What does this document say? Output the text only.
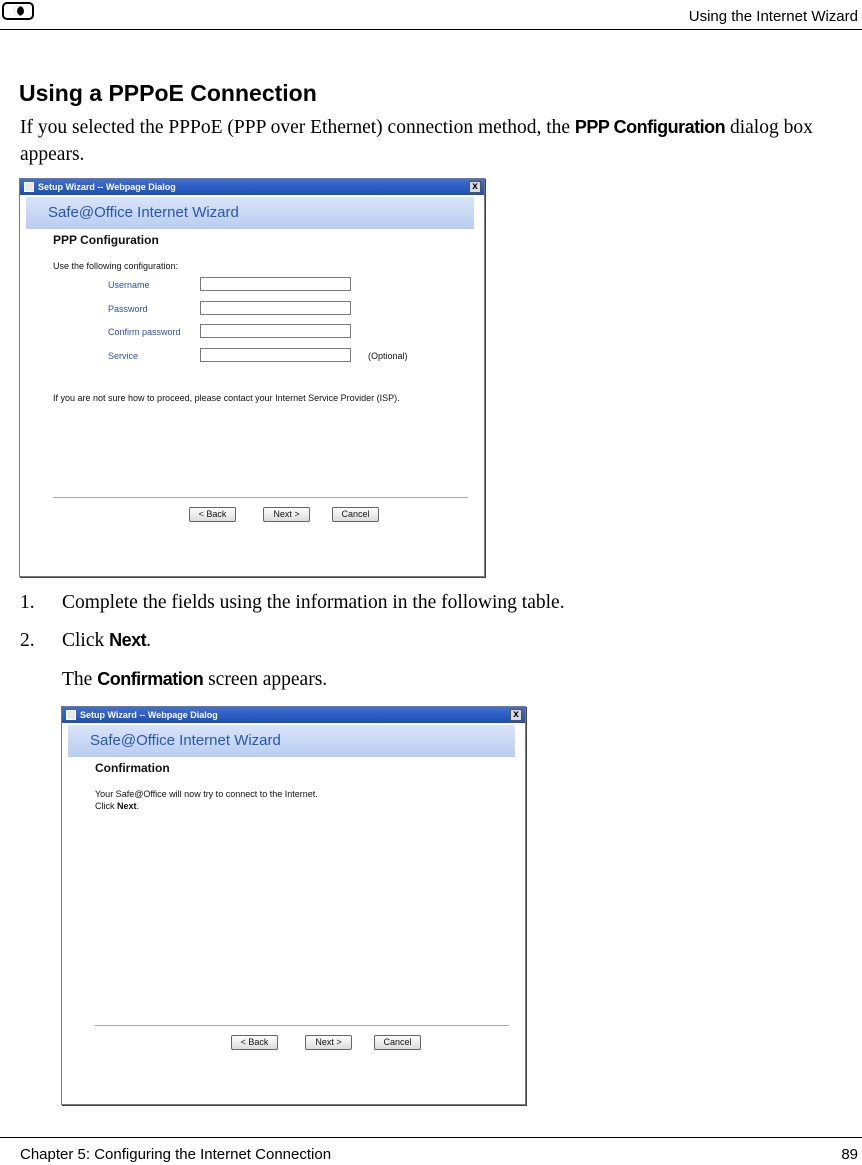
Using the Internet Wizard
Using a PPPoE Connection

If you selected the PPPoE (PPP over Ethernet) connection method, the PPP Configuration dialog box appears.

Setup Wizard -- Webpage Dialog	x
Safe@Office Internet Wizard
PPP Configuration
Use the following configuration:
Username
Password
Confirm password
Service	(Optional)
If you are not sure how to proceed, please contact your Internet Service Provider (ISP).
< Back	Next >	Cancel
1. Complete the fields using the information in the following table.
2. Click Next.
The Confirmation screen appears.
Setup Wizard -- Webpage Dialog	x
Safe@Office Internet Wizard
Confirmation
Your Safe@Office will now try to connect to the Internet.
Click Next.
< Back	Next >	Cancel
Chapter 5: Configuring the Internet Connection	89
